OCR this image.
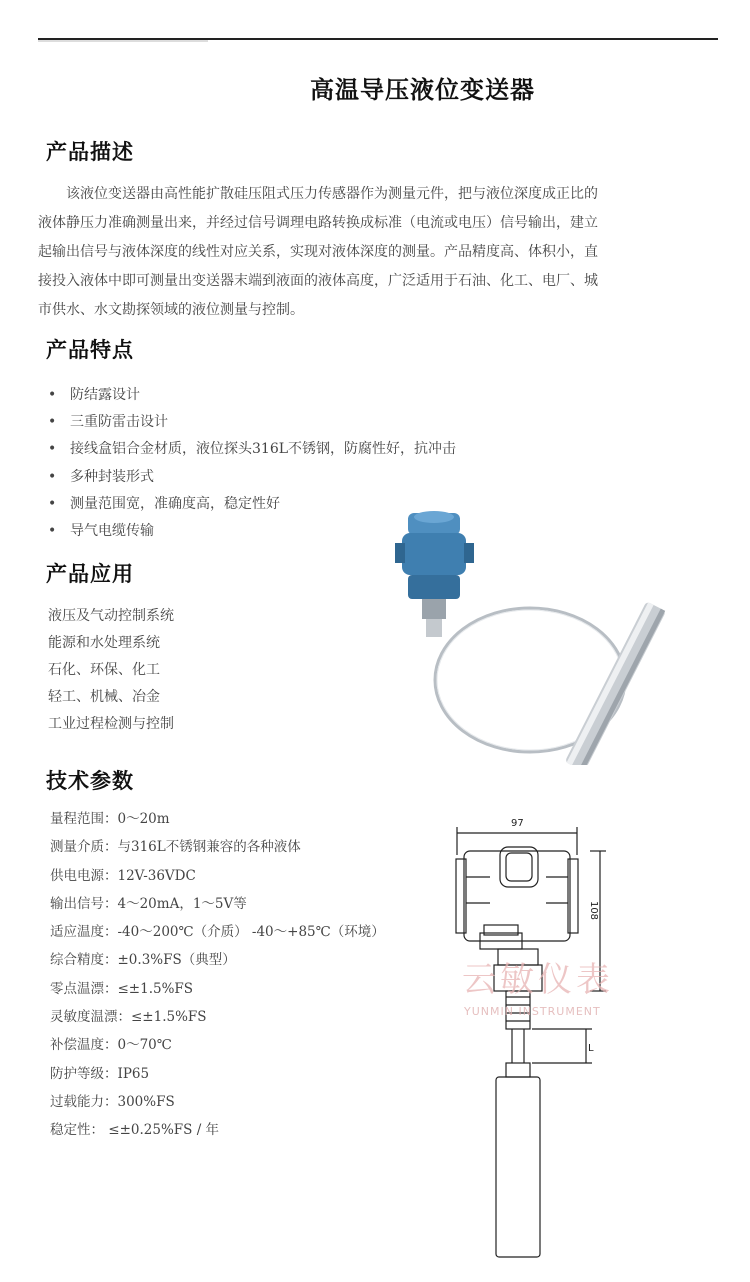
高温导压液位变送器
产品描述

该液位变送器由高性能扩散硅压阻式压力传感器作为测量元件，把与液位深度成正比的液体静压力准确测量出来，并经过信号调理电路转换成标准（电流或电压）信号输出，建立起输出信号与液体深度的线性对应关系，实现对液体深度的测量。产品精度高、体积小，直接投入液体中即可测量出变送器末端到液面的液体高度，广泛适用于石油、化工、电厂、城市供水、水文勘探领域的液位测量与控制。

产品特点
• 防结露设计
• 三重防雷击设计
• 接线盒铝合金材质，液位探头316L不锈钢，防腐性好，抗冲击
• 多种封装形式
• 测量范围宽，准确度高，稳定性好
• 导气电缆传输
产品应用
液压及气动控制系统
能源和水处理系统
石化、环保、化工
轻工、机械、冶金
工业过程检测与控制
技术参数
量程范围：0～20m
测量介质：与316L不锈钢兼容的各种液体
供电电源：12V-36VDC
输出信号：4～20mA，1～5V等
适应温度：-40～200℃（介质） -40～+85℃（环境）
综合精度：±0.3%FS（典型）
零点温漂：≤±1.5%FS
灵敏度温漂：≤±1.5%FS
补偿温度：0～70℃
防护等级：IP65
过载能力：300%FS
稳定性： ≤±0.25%FS / 年
97
108
L
云敏仪表
YUNMIN INSTRUMENT
